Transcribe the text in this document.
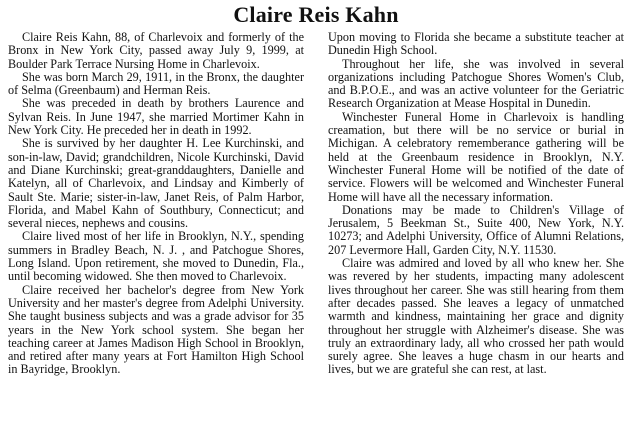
Claire Reis Kahn

Claire Reis Kahn, 88, of Charlevoix and formerly of the Bronx in New York City, passed away July 9, 1999, at Boulder Park Terrace Nursing Home in Charlevoix.

She was born March 29, 1911, in the Bronx, the daughter of Selma (Greenbaum) and Herman Reis.

She was preceded in death by brothers Laurence and Sylvan Reis. In June 1947, she married Mortimer Kahn in New York City. He preceded her in death in 1992.

She is survived by her daughter H. Lee Kurchinski, and son-in-law, David; grandchildren, Nicole Kurchinski, David and Diane Kurchinski; great-granddaughters, Danielle and Katelyn, all of Charlevoix, and Lindsay and Kimberly of Sault Ste. Marie; sister-in-law, Janet Reis, of Palm Harbor, Florida, and Mabel Kahn of Southbury, Connecticut; and several nieces, nephews and cousins.

Claire lived most of her life in Brooklyn, N.Y., spending summers in Bradley Beach, N. J. , and Patchogue Shores, Long Island. Upon retirement, she moved to Dunedin, Fla., until becoming widowed. She then moved to Charlevoix.

Claire received her bachelor's degree from New York University and her master's degree from Adelphi University. She taught business subjects and was a grade advisor for 35 years in the New York school system. She began her teaching career at James Madison High School in Brooklyn, and retired after many years at Fort Hamilton High School in Bayridge, Brooklyn.

Upon moving to Florida she became a substitute teacher at Dunedin High School.

Throughout her life, she was involved in several organizations including Patchogue Shores Women's Club, and B.P.O.E., and was an active volunteer for the Geriatric Research Organization at Mease Hospital in Dunedin.

Winchester Funeral Home in Charlevoix is handling creamation, but there will be no service or burial in Michigan. A celebratory rememberance gathering will be held at the Greenbaum residence in Brooklyn, N.Y. Winchester Funeral Home will be notified of the date of service. Flowers will be welcomed and Winchester Funeral Home will have all the necessary information.

Donations may be made to Children's Village of Jerusalem, 5 Beekman St., Suite 400, New York, N.Y. 10273; and Adelphi University, Office of Alumni Relations, 207 Levermore Hall, Garden City, N.Y. 11530.

Claire was admired and loved by all who knew her. She was revered by her students, impacting many adolescent lives throughout her career. She was still hearing from them after decades passed. She leaves a legacy of unmatched warmth and kindness, maintaining her grace and dignity throughout her struggle with Alzheimer's disease. She was truly an extraordinary lady, all who crossed her path would surely agree. She leaves a huge chasm in our hearts and lives, but we are grateful she can rest, at last.
